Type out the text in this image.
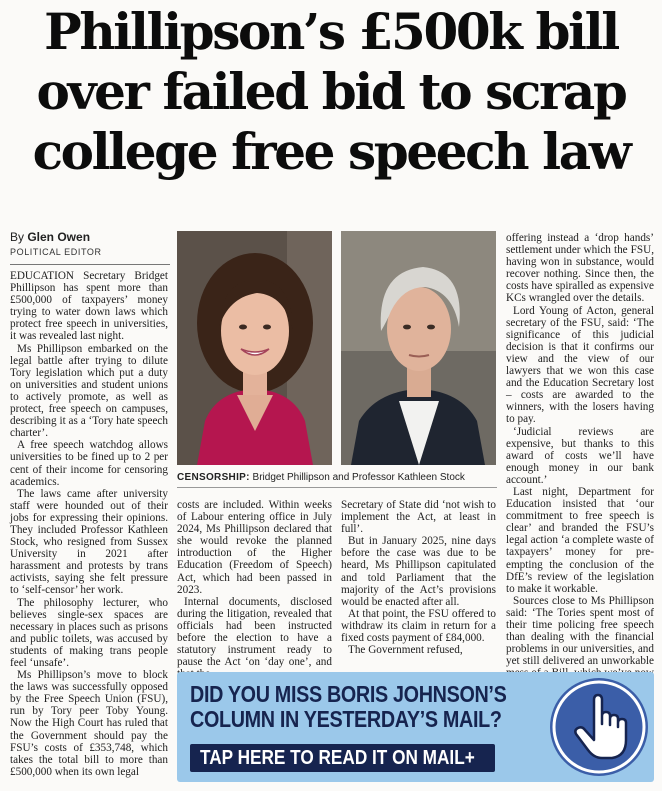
Phillipson’s £500k bill
over failed bid to scrap
college free speech law
By Glen Owen
POLITICAL EDITOR

EDUCATION Secretary Bridget Phillipson has spent more than £500,000 of taxpayers’ money trying to water down laws which protect free speech in universities, it was revealed last night.

Ms Phillipson embarked on the legal battle after trying to dilute Tory legislation which put a duty on universities and student unions to actively promote, as well as protect, free speech on campuses, describing it as a ‘Tory hate speech charter’.

A free speech watchdog allows universities to be fined up to 2 per cent of their income for censoring academics.

The laws came after university staff were hounded out of their jobs for expressing their opinions. They included Professor Kathleen Stock, who resigned from Sussex University in 2021 after harassment and protests by trans activists, saying she felt pressure to ‘self-censor’ her work.

The philosophy lecturer, who believes single-sex spaces are necessary in places such as prisons and public toilets, was accused by students of making trans people feel ‘unsafe’.

Ms Phillipson’s move to block the laws was successfully opposed by the Free Speech Union (FSU), run by Tory peer Toby Young. Now the High Court has ruled that the Government should pay the FSU’s costs of £353,748, which takes the total bill to more than £500,000 when its own legal

CENSORSHIP: Bridget Phillipson and Professor Kathleen Stock

costs are included. Within weeks of Labour entering office in July 2024, Ms Phillipson declared that she would revoke the planned introduction of the Higher Education (Freedom of Speech) Act, which had been passed in 2023.

Internal documents, disclosed during the litigation, revealed that officials had been instructed before the election to have a statutory instrument ready to pause the Act ‘on ‘day one’, and

Secretary of State did ‘not wish to implement the Act, at least in full’.

But in January 2025, nine days before the case was due to be heard, Ms Phillipson capitulated and told Parliament that the majority of the Act’s provisions would be enacted after all.

At that point, the FSU offered to withdraw its claim in return for a fixed costs payment of £84,000.

The Government refused,

offering instead a ‘drop hands’ settlement under which the FSU, having won in substance, would recover nothing. Since then, the costs have spiralled as expensive KCs wrangled over the details.

Lord Young of Acton, general secretary of the FSU, said: ‘The significance of this judicial decision is that it confirms our view and the view of our lawyers that we won this case and the Education Secretary lost – costs are awarded to the winners, with the losers having to pay.

‘Judicial reviews are expensive, but thanks to this award of costs we’ll have enough money in our bank account.’

Last night, Department for Education insisted that ‘our commitment to free speech is clear’ and branded the FSU’s legal action ‘a complete waste of taxpayers’ money for pre-empting the conclusion of the DfE’s review of the legislation to make it workable.

Sources close to Ms Phillipson said: ‘The Tories spent most of their time policing free speech than dealing with the financial problems in our universities, and yet still delivered an unworkable

DID YOU MISS BORIS JOHNSON’S
COLUMN IN YESTERDAY’S MAIL?
TAP HERE TO READ IT ON MAIL+
